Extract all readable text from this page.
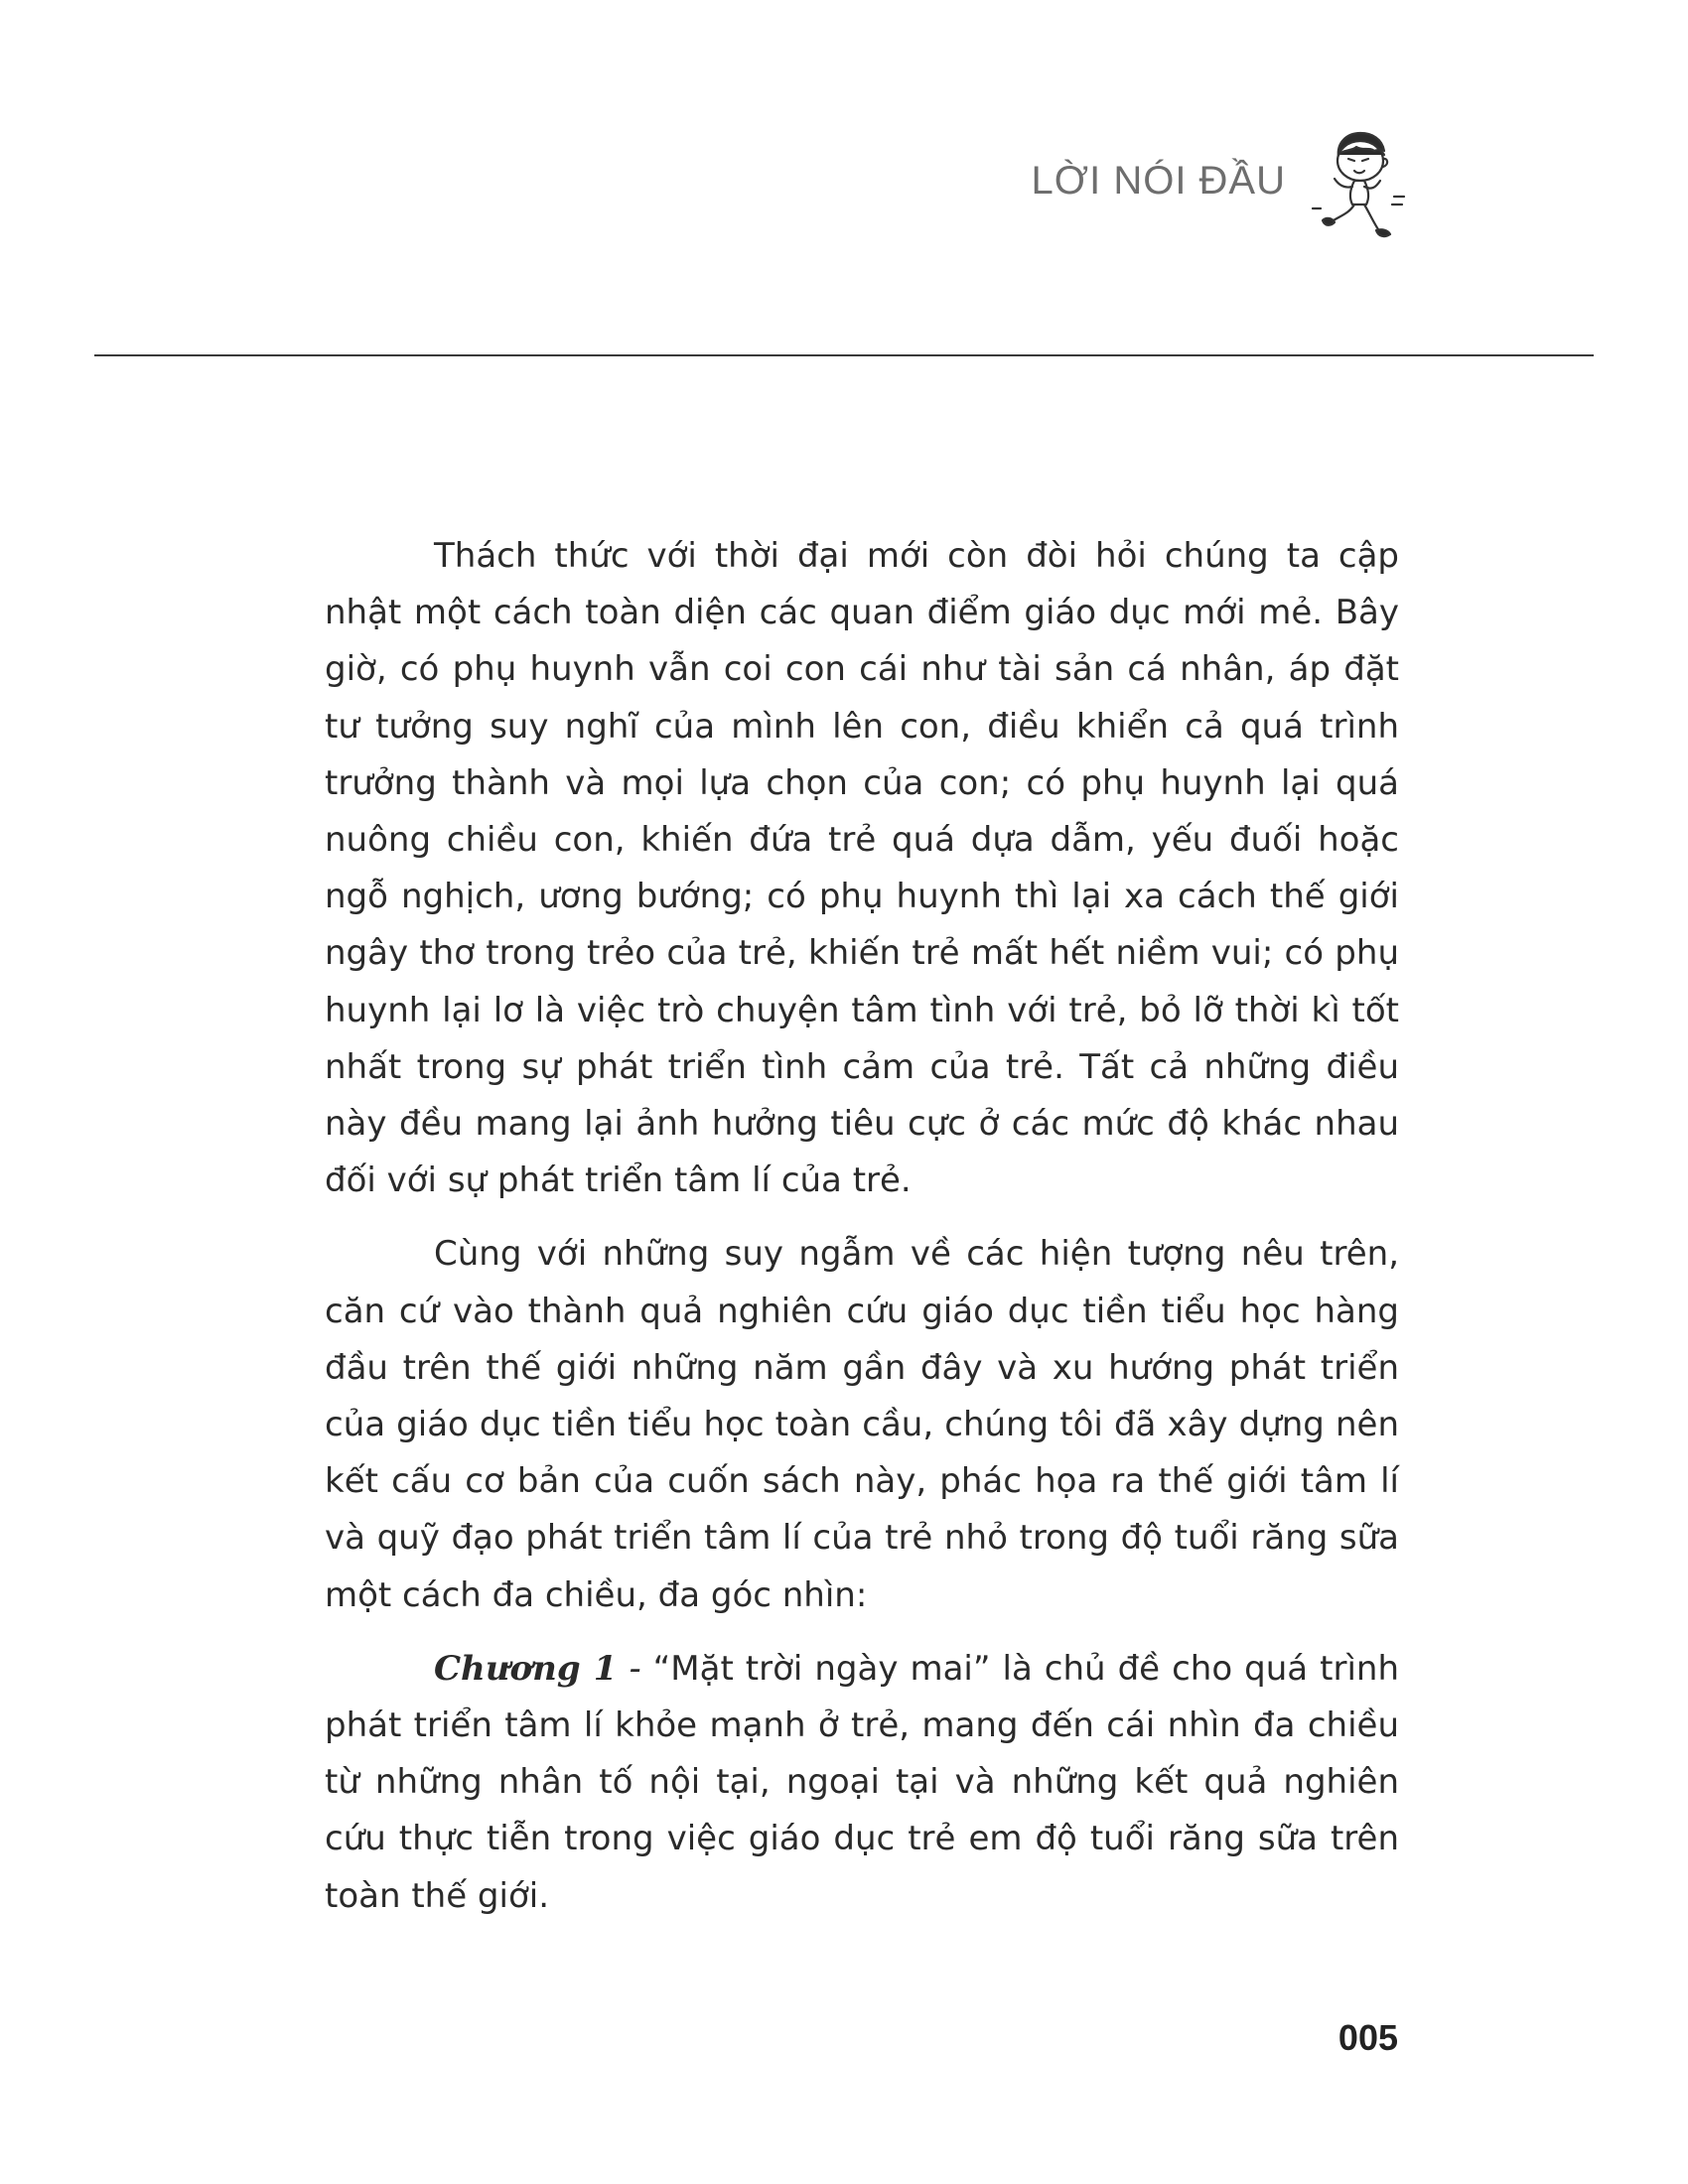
LỜI NÓI ĐẦU

Thách thức với thời đại mới còn đòi hỏi chúng ta cập nhật một cách toàn diện các quan điểm giáo dục mới mẻ. Bây giờ, có phụ huynh vẫn coi con cái như tài sản cá nhân, áp đặt tư tưởng suy nghĩ của mình lên con, điều khiển cả quá trình trưởng thành và mọi lựa chọn của con; có phụ huynh lại quá nuông chiều con, khiến đứa trẻ quá dựa dẫm, yếu đuối hoặc ngỗ nghịch, ương bướng; có phụ huynh thì lại xa cách thế giới ngây thơ trong trẻo của trẻ, khiến trẻ mất hết niềm vui; có phụ huynh lại lơ là việc trò chuyện tâm tình với trẻ, bỏ lỡ thời kì tốt nhất trong sự phát triển tình cảm của trẻ. Tất cả những điều này đều mang lại ảnh hưởng tiêu cực ở các mức độ khác nhau đối với sự phát triển tâm lí của trẻ.

Cùng với những suy ngẫm về các hiện tượng nêu trên, căn cứ vào thành quả nghiên cứu giáo dục tiền tiểu học hàng đầu trên thế giới những năm gần đây và xu hướng phát triển của giáo dục tiền tiểu học toàn cầu, chúng tôi đã xây dựng nên kết cấu cơ bản của cuốn sách này, phác họa ra thế giới tâm lí và quỹ đạo phát triển tâm lí của trẻ nhỏ trong độ tuổi răng sữa một cách đa chiều, đa góc nhìn:

Chương 1 - “Mặt trời ngày mai” là chủ đề cho quá trình phát triển tâm lí khỏe mạnh ở trẻ, mang đến cái nhìn đa chiều từ những nhân tố nội tại, ngoại tại và những kết quả nghiên cứu thực tiễn trong việc giáo dục trẻ em độ tuổi răng sữa trên toàn thế giới.

005
